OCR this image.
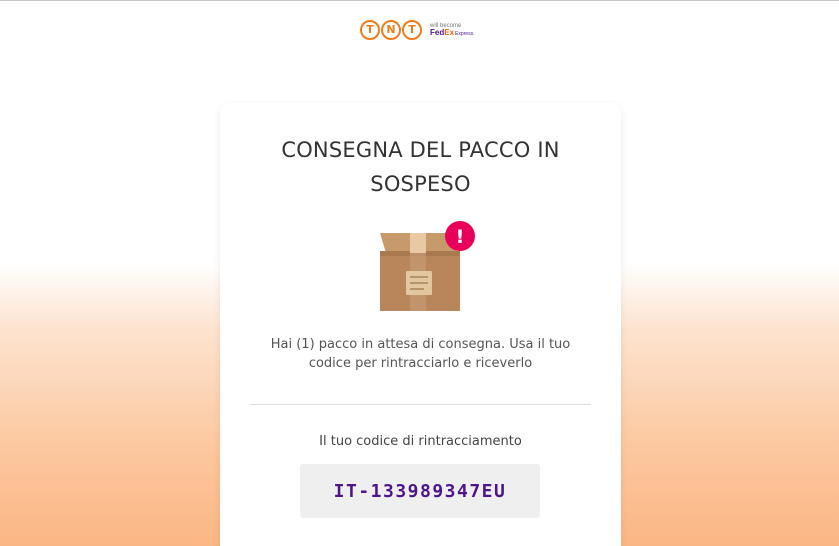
T	N	T	will become
FedExExpress.
CONSEGNA DEL PACCO IN
SOSPESO
!
Hai (1) pacco in attesa di consegna. Usa il tuo
codice per rintracciarlo e riceverlo
Il tuo codice di rintracciamento
IT-133989347EU
